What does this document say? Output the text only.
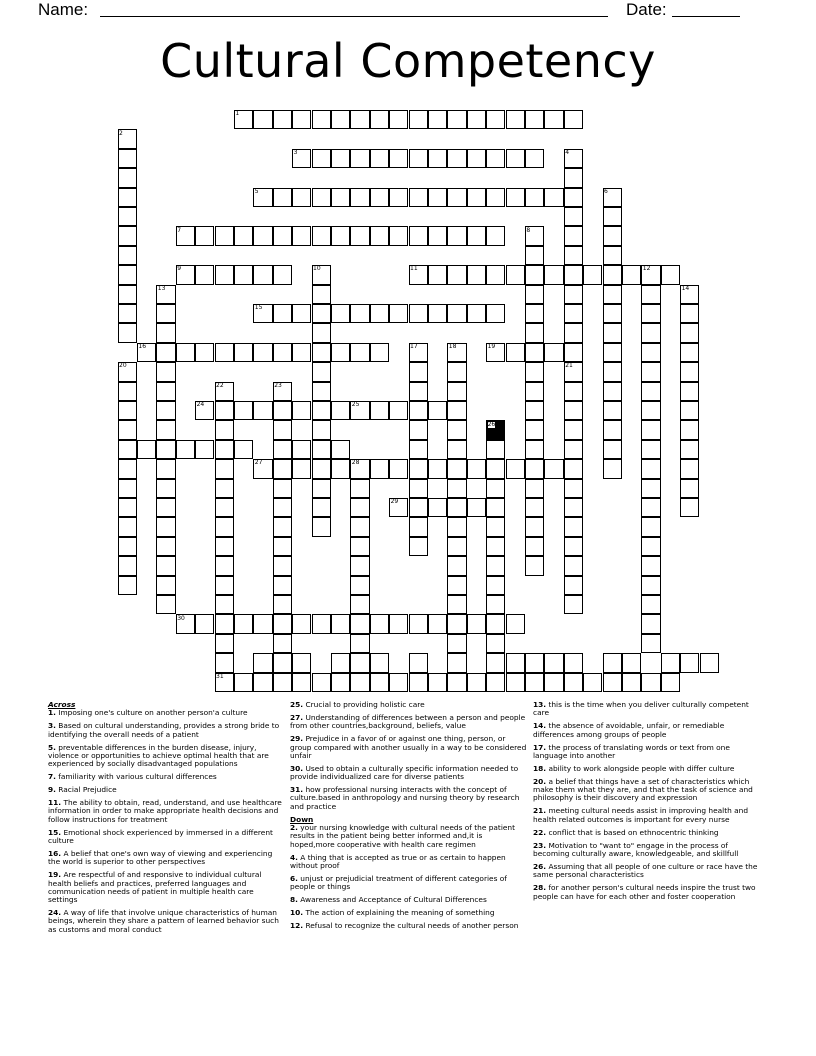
Name:	Date:
Cultural Competency
1
2
3	4
5	6
7	8
9	10	11	12
13	14
15
16	17	18	19
20	21
22	23
24	25
26
27	28
29
30
31

Across

1. Imposing one's culture on another person'a culture

3. Based on cultural understanding, provides a strong bride to identifying the overall needs of a patient

5. preventable differences in the burden disease, injury, violence or opportunities to achieve optimal health that are experienced by socially disadvantaged populations

7. familiarity with various cultural differences

9. Racial Prejudice

11. The ability to obtain, read, understand, and use healthcare information in order to make appropriate health decisions and follow instructions for treatment

15. Emotional shock experienced by immersed in a different culture

16. A belief that one's own way of viewing and experiencing the world is superior to other perspectives

19. Are respectful of and responsive to individual cultural health beliefs and practices, preferred languages and communication needs of patient in multiple health care settings

24. A way of life that involve unique characteristics of human beings, wherein they share a pattern of learned behavior such as customs and moral conduct

25. Crucial to providing holistic care

27. Understanding of differences between a person and people from other countries,background, beliefs, value

29. Prejudice in a favor of or against one thing, person, or group compared with another usually in a way to be considered unfair

30. Used to obtain a culturally specific information needed to provide individualized care for diverse patients

31. how professional nursing interacts with the concept of culture.based in anthropology and nursing theory by research and practice

Down

2. your nursing knowledge with cultural needs of the patient results in the patient being better informed and,it is hoped,more cooperative with health care regimen

4. A thing that is accepted as true or as certain to happen without proof

6. unjust or prejudicial treatment of different categories of people or things

8. Awareness and Acceptance of Cultural Differences

10. The action of explaining the meaning of something

12. Refusal to recognize the cultural needs of another person

13. this is the time when you deliver culturally competent care

14. the absence of avoidable, unfair, or remediable differences among groups of people

17. the process of translating words or text from one language into another

18. ability to work alongside people with differ culture

20. a belief that things have a set of characteristics which make them what they are, and that the task of science and philosophy is their discovery and expression

21. meeting cultural needs assist in improving health and health related outcomes is important for every nurse

22. conflict that is based on ethnocentric thinking

23. Motivation to "want to" engage in the process of becoming culturally aware, knowledgeable, and skillfull

26. Assuming that all people of one culture or race have the same personal characteristics

28. for another person's cultural needs inspire the trust two people can have for each other and foster cooperation
